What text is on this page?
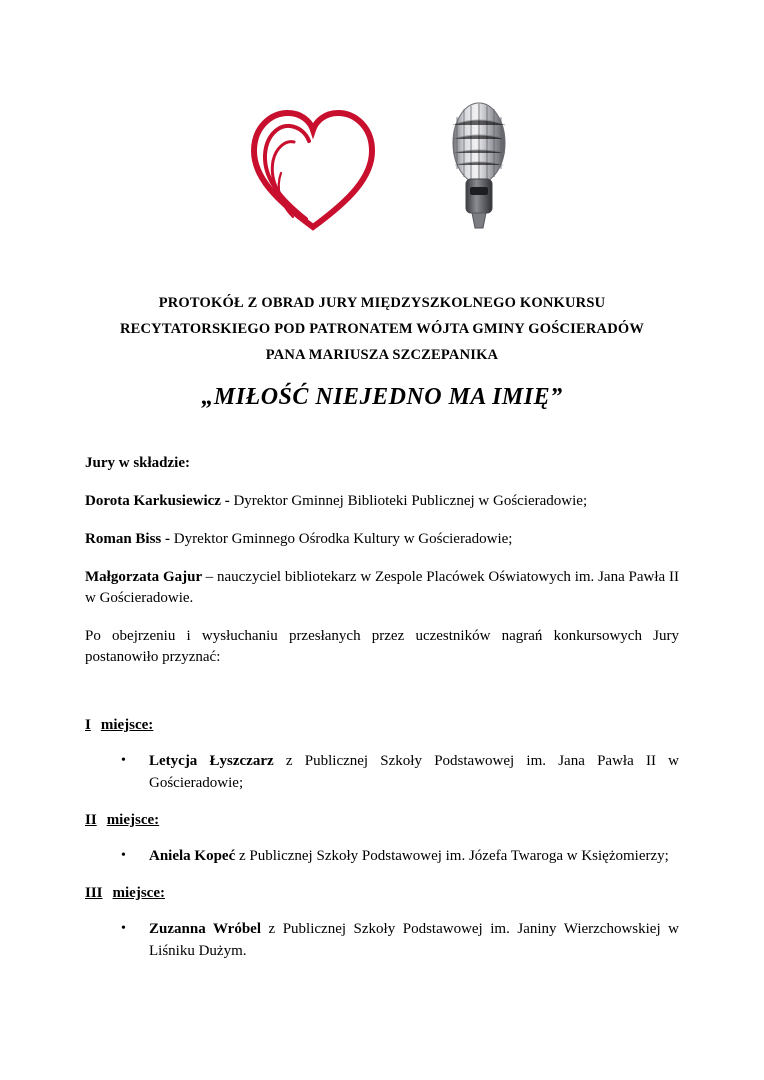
PROTOKÓŁ Z OBRAD JURY MIĘDZYSZKOLNEGO KONKURSU
RECYTATORSKIEGO POD PATRONATEM WÓJTA GMINY GOŚCIERADÓW
PANA MARIUSZA SZCZEPANIKA
„MIŁOŚĆ NIEJEDNO MA IMIĘ”
Jury w składzie:
Dorota Karkusiewicz - Dyrektor Gminnej Biblioteki Publicznej w Gościeradowie;
Roman Biss - Dyrektor Gminnego Ośrodka Kultury w Gościeradowie;
Małgorzata Gajur – nauczyciel bibliotekarz w Zespole Placówek Oświatowych im. Jana Pawła II w Gościeradowie.
Po obejrzeniu i wysłuchaniu przesłanych przez uczestników nagrań konkursowych Jury postanowiło przyznać:
I miejsce:
• Letycja Łyszczarz z Publicznej Szkoły Podstawowej im. Jana Pawła II w Gościeradowie;
II miejsce:
• Aniela Kopeć z Publicznej Szkoły Podstawowej im. Józefa Twaroga w Księżomierzy;
III miejsce:
• Zuzanna Wróbel z Publicznej Szkoły Podstawowej im. Janiny Wierzchowskiej w Liśniku Dużym.
